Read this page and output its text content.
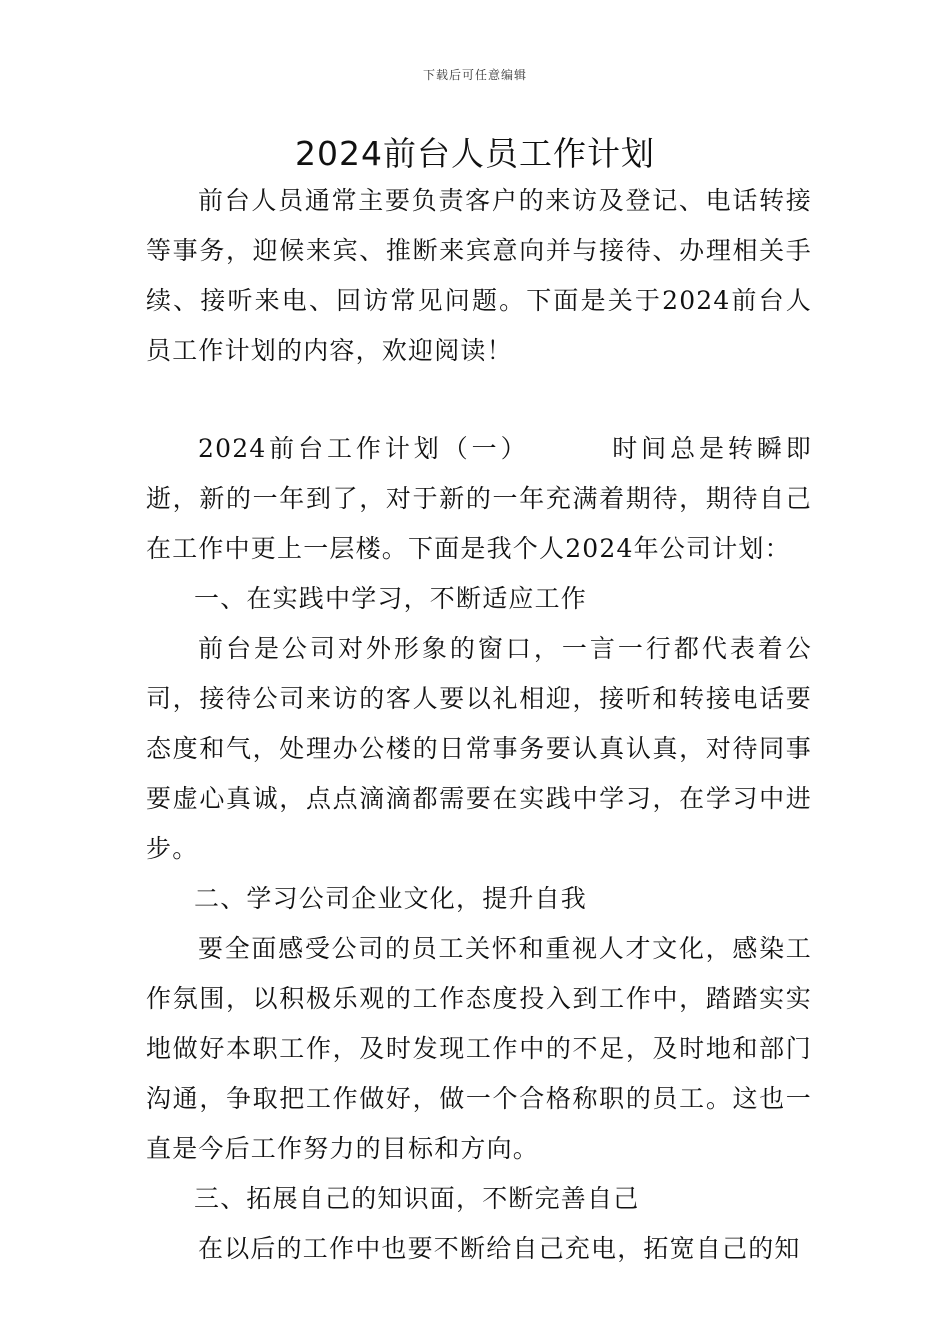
下载后可任意编辑
2024前台人员工作计划

前台人员通常主要负责客户的来访及登记、电话转接等事务，迎候来宾、推断来宾意向并与接待、办理相关手续、接听来电、回访常见问题。下面是关于2024前台人员工作计划的内容，欢迎阅读！

2024前台工作计划（一）	时间总是转瞬即逝，新的一年到了，对于新的一年充满着期待，期待自己在工作中更上一层楼。下面是我个人2024年公司计划：

一、在实践中学习，不断适应工作

前台是公司对外形象的窗口，一言一行都代表着公司，接待公司来访的客人要以礼相迎，接听和转接电话要态度和气，处理办公楼的日常事务要认真认真，对待同事要虚心真诚，点点滴滴都需要在实践中学习，在学习中进步。

二、学习公司企业文化，提升自我

要全面感受公司的员工关怀和重视人才文化，感染工作氛围，以积极乐观的工作态度投入到工作中，踏踏实实地做好本职工作，及时发现工作中的不足，及时地和部门沟通，争取把工作做好，做一个合格称职的员工。这也一直是今后工作努力的目标和方向。

三、拓展自己的知识面，不断完善自己

在以后的工作中也要不断给自己充电，拓宽自己的知
